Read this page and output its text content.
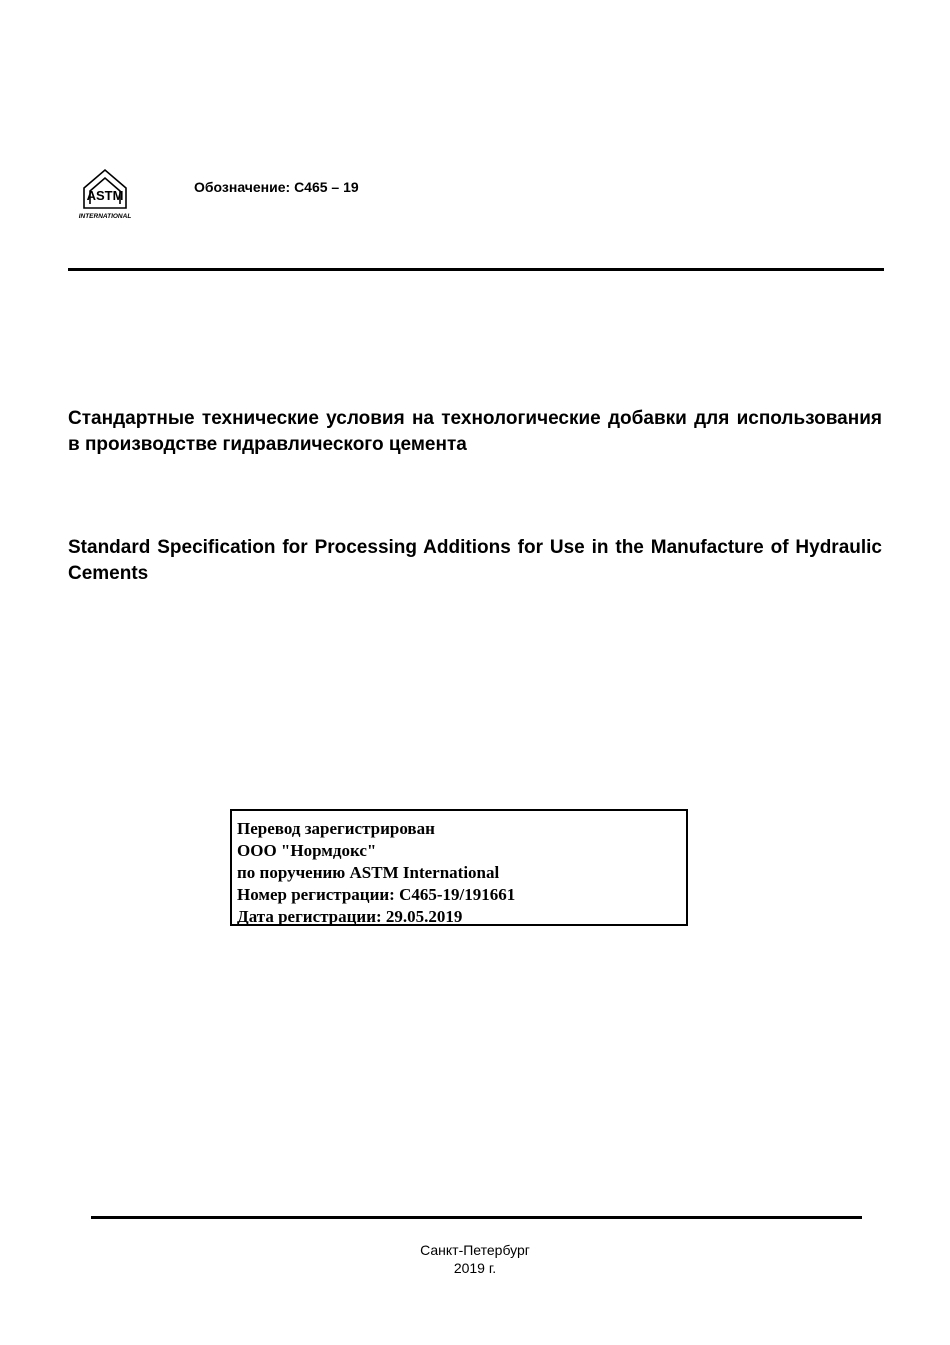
ASTM
INTERNATIONAL
Обозначение: C465 – 19
Стандартные технические условия на технологические добавки для использования в производстве гидравлического цемента
Standard Specification for Processing Additions for Use in the Manufacture of Hydraulic Cements
Перевод зарегистрирован
ООО "Нормдокс"
по поручению ASTM International
Номер регистрации: C465-19/191661
Дата регистрации: 29.05.2019
Санкт-Петербург
2019 г.
